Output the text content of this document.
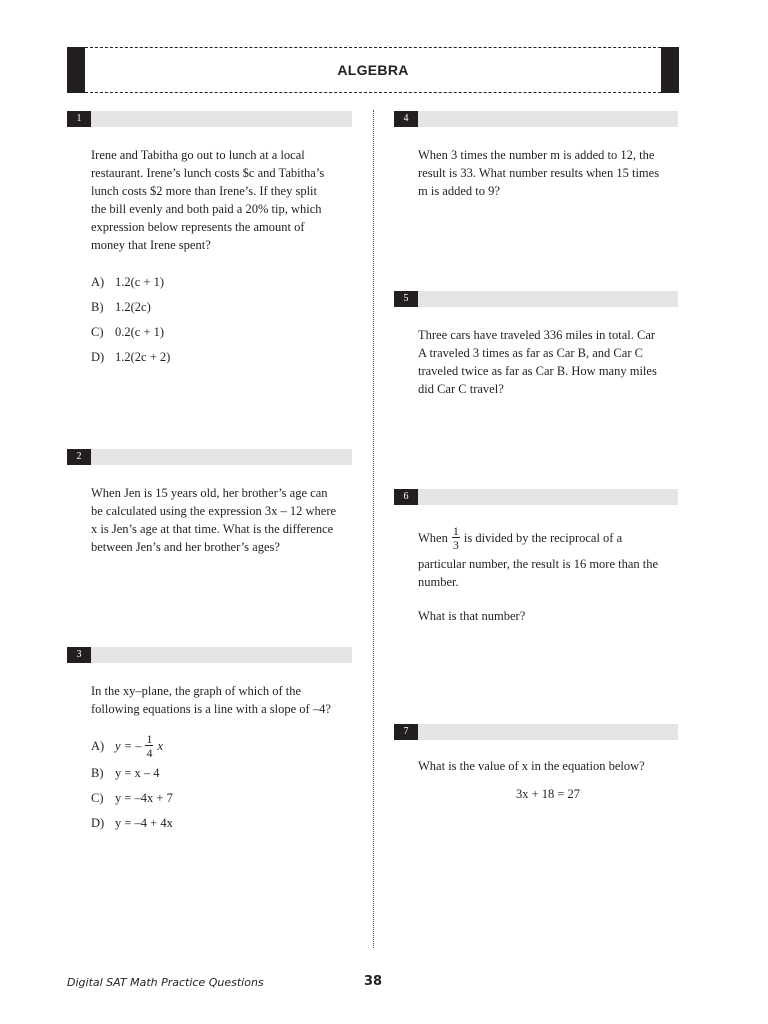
ALGEBRA
1
Irene and Tabitha go out to lunch at a local
restaurant. Irene’s lunch costs $c and Tabitha’s
lunch costs $2 more than Irene’s. If they split
the bill evenly and both paid a 20% tip, which
expression below represents the amount of
money that Irene spent?
A) 1.2(c + 1)
B) 1.2(2c)
C) 0.2(c + 1)
D) 1.2(2c + 2)
2
When Jen is 15 years old, her brother’s age can
be calculated using the expression 3x – 12 where
x is Jen’s age at that time. What is the difference
between Jen’s and her brother’s ages?
3
In the xy–plane, the graph of which of the
following equations is a line with a slope of –4?
A) y = – $\frac{1}{4}$ x
B) y = x – 4
C) y = –4x + 7
D) y = –4 + 4x
4
When 3 times the number m is added to 12, the
result is 33. What number results when 15 times
m is added to 9?
5
Three cars have traveled 336 miles in total. Car
A traveled 3 times as far as Car B, and Car C
traveled twice as far as Car B. How many miles
did Car C travel?
6
When $\frac{1}{3}$ is divided by the reciprocal of a
particular number, the result is 16 more than the
number.
What is that number?
7
What is the value of x in the equation below?
3x + 18 = 27
Digital SAT Math Practice Questions	38
